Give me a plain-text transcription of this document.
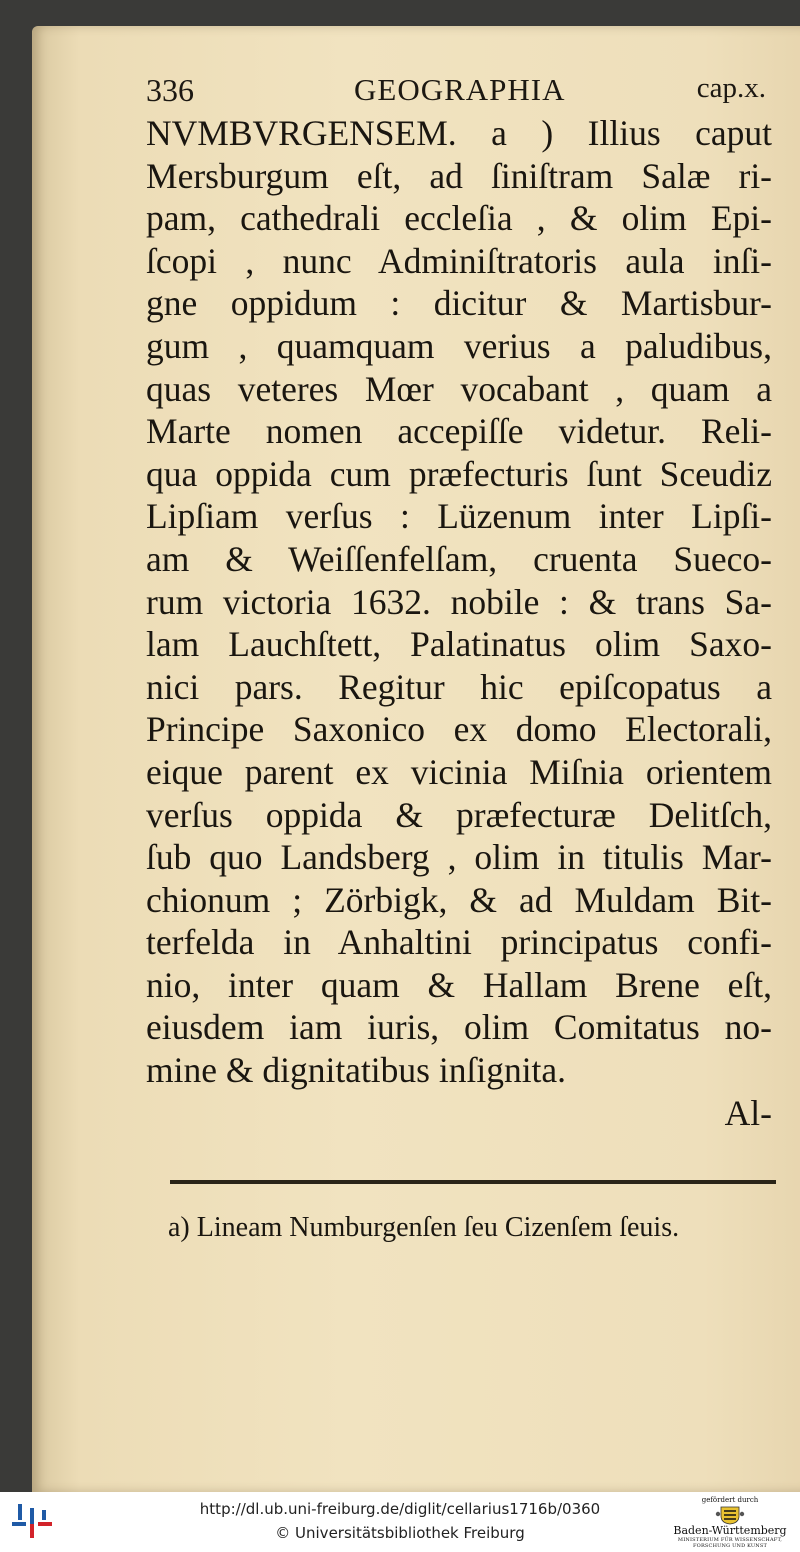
336	GEOGRAPHIA	cap.x.
NVMBVRGENSEM. a ) Illius caput
Mersburgum eſt, ad ſiniſtram Salæ ri-
pam, cathedrali eccleſia , & olim Epi-
ſcopi , nunc Adminiſtratoris aula inſi-
gne oppidum : dicitur & Martisbur-
gum , quamquam verius a paludibus,
quas veteres Mœr vocabant , quam a
Marte nomen accepiſſe videtur. Reli-
qua oppida cum præfecturis ſunt Sceudiz
Lipſiam verſus : Lüzenum inter Lipſi-
am & Weiſſenfelſam, cruenta Sueco-
rum victoria 1632. nobile : & trans Sa-
lam Lauchſtett, Palatinatus olim Saxo-
nici pars. Regitur hic epiſcopatus a
Principe Saxonico ex domo Electorali,
eique parent ex vicinia Miſnia orientem
verſus oppida & præfecturæ Delitſch,
ſub quo Landsberg , olim in titulis Mar-
chionum ; Zörbigk, & ad Muldam Bit-
terfelda in Anhaltini principatus confi-
nio, inter quam & Hallam Brene eſt,
eiusdem iam iuris, olim Comitatus no-
mine & dignitatibus inſignita.
Al-
a) Lineam Numburgenſen ſeu Cizenſem ſeuis.
http://dl.ub.uni-freiburg.de/diglit/cellarius1716b/0360
© Universitätsbibliothek Freiburg
gefördert durch
Baden-Württemberg
MINISTERIUM FÜR WISSENSCHAFT, FORSCHUNG UND KUNST
